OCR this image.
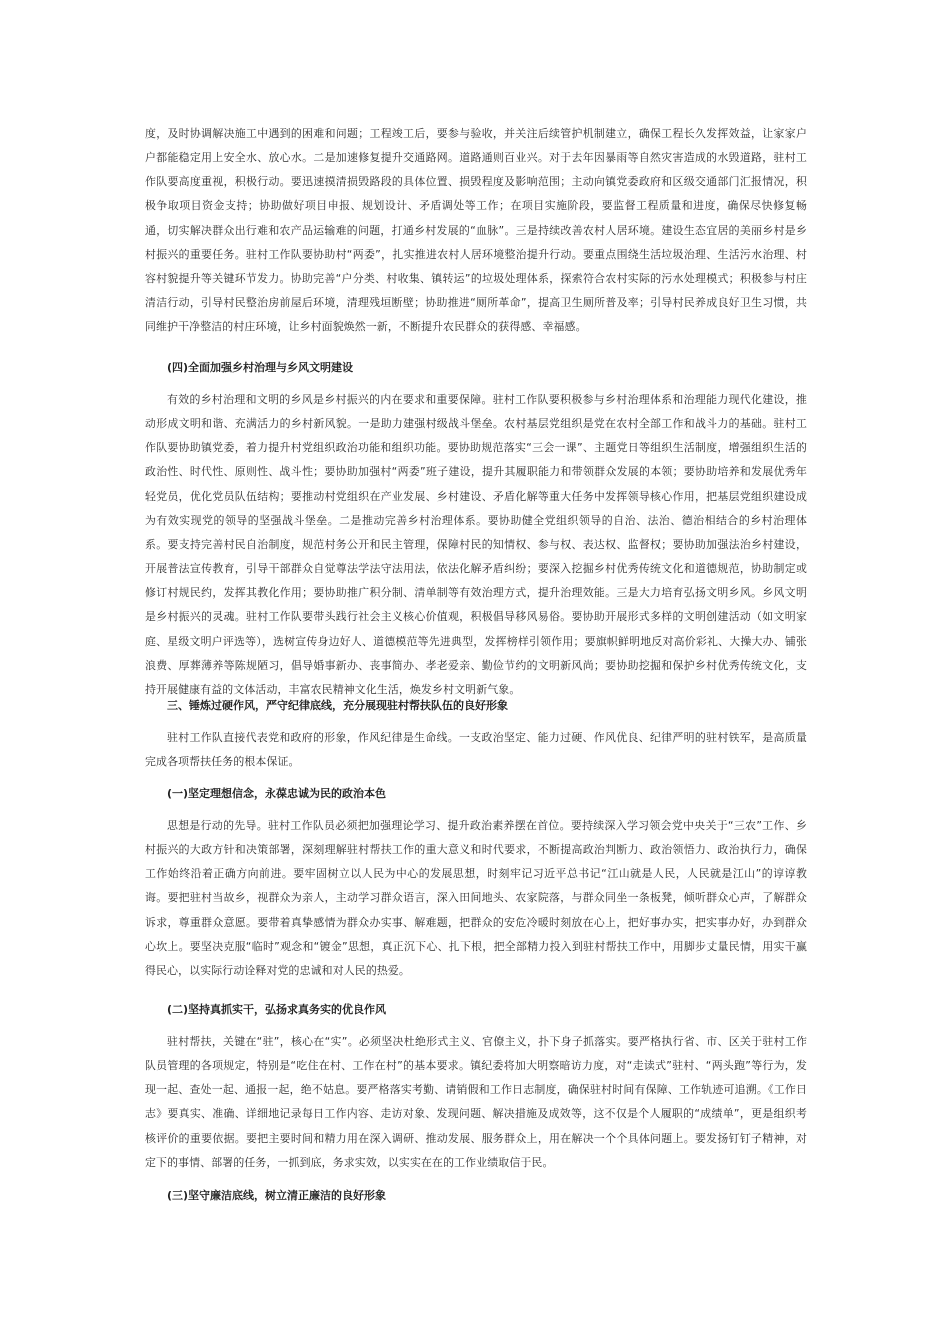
度，及时协调解决施工中遇到的困难和问题；工程竣工后，要参与验收，并关注后续管护机制建立，确保工程长久发挥效益，让家家户户都能稳定用上安全水、放心水。二是加速修复提升交通路网。道路通则百业兴。对于去年因暴雨等自然灾害造成的水毁道路，驻村工作队要高度重视，积极行动。要迅速摸清损毁路段的具体位置、损毁程度及影响范围；主动向镇党委政府和区级交通部门汇报情况，积极争取项目资金支持；协助做好项目申报、规划设计、矛盾调处等工作；在项目实施阶段，要监督工程质量和进度，确保尽快修复畅通，切实解决群众出行难和农产品运输难的问题，打通乡村发展的“血脉”。三是持续改善农村人居环境。建设生态宜居的美丽乡村是乡村振兴的重要任务。驻村工作队要协助村“两委”，扎实推进农村人居环境整治提升行动。要重点围绕生活垃圾治理、生活污水治理、村容村貌提升等关键环节发力。协助完善“户分类、村收集、镇转运”的垃圾处理体系，探索符合农村实际的污水处理模式；积极参与村庄清洁行动，引导村民整治房前屋后环境，清理残垣断壁；协助推进“厕所革命”，提高卫生厕所普及率；引导村民养成良好卫生习惯，共同维护干净整洁的村庄环境，让乡村面貌焕然一新，不断提升农民群众的获得感、幸福感。

(四)全面加强乡村治理与乡风文明建设

有效的乡村治理和文明的乡风是乡村振兴的内在要求和重要保障。驻村工作队要积极参与乡村治理体系和治理能力现代化建设，推动形成文明和谐、充满活力的乡村新风貌。一是助力建强村级战斗堡垒。农村基层党组织是党在农村全部工作和战斗力的基础。驻村工作队要协助镇党委，着力提升村党组织政治功能和组织功能。要协助规范落实“三会一课”、主题党日等组织生活制度，增强组织生活的政治性、时代性、原则性、战斗性；要协助加强村“两委”班子建设，提升其履职能力和带领群众发展的本领；要协助培养和发展优秀年轻党员，优化党员队伍结构；要推动村党组织在产业发展、乡村建设、矛盾化解等重大任务中发挥领导核心作用，把基层党组织建设成为有效实现党的领导的坚强战斗堡垒。二是推动完善乡村治理体系。要协助健全党组织领导的自治、法治、德治相结合的乡村治理体系。要支持完善村民自治制度，规范村务公开和民主管理，保障村民的知情权、参与权、表达权、监督权；要协助加强法治乡村建设，开展普法宣传教育，引导干部群众自觉尊法学法守法用法，依法化解矛盾纠纷；要深入挖掘乡村优秀传统文化和道德规范，协助制定或修订村规民约，发挥其教化作用；要协助推广积分制、清单制等有效治理方式，提升治理效能。三是大力培育弘扬文明乡风。乡风文明是乡村振兴的灵魂。驻村工作队要带头践行社会主义核心价值观，积极倡导移风易俗。要协助开展形式多样的文明创建活动（如文明家庭、星级文明户评选等），选树宣传身边好人、道德模范等先进典型，发挥榜样引领作用；要旗帜鲜明地反对高价彩礼、大操大办、铺张浪费、厚葬薄养等陈规陋习，倡导婚事新办、丧事简办、孝老爱亲、勤俭节约的文明新风尚；要协助挖掘和保护乡村优秀传统文化，支持开展健康有益的文体活动，丰富农民精神文化生活，焕发乡村文明新气象。

三、锤炼过硬作风，严守纪律底线，充分展现驻村帮扶队伍的良好形象

驻村工作队直接代表党和政府的形象，作风纪律是生命线。一支政治坚定、能力过硬、作风优良、纪律严明的驻村铁军，是高质量完成各项帮扶任务的根本保证。

(一)坚定理想信念，永葆忠诚为民的政治本色

思想是行动的先导。驻村工作队员必须把加强理论学习、提升政治素养摆在首位。要持续深入学习领会党中央关于“三农”工作、乡村振兴的大政方针和决策部署，深刻理解驻村帮扶工作的重大意义和时代要求，不断提高政治判断力、政治领悟力、政治执行力，确保工作始终沿着正确方向前进。要牢固树立以人民为中心的发展思想，时刻牢记习近平总书记“江山就是人民，人民就是江山”的谆谆教诲。要把驻村当故乡，视群众为亲人，主动学习群众语言，深入田间地头、农家院落，与群众同坐一条板凳，倾听群众心声，了解群众诉求，尊重群众意愿。要带着真挚感情为群众办实事、解难题，把群众的安危冷暖时刻放在心上，把好事办实，把实事办好，办到群众心坎上。要坚决克服“临时”观念和“镀金”思想，真正沉下心、扎下根，把全部精力投入到驻村帮扶工作中，用脚步丈量民情，用实干赢得民心，以实际行动诠释对党的忠诚和对人民的热爱。

(二)坚持真抓实干，弘扬求真务实的优良作风

驻村帮扶，关键在“驻”，核心在“实”。必须坚决杜绝形式主义、官僚主义，扑下身子抓落实。要严格执行省、市、区关于驻村工作队员管理的各项规定，特别是“吃住在村、工作在村”的基本要求。镇纪委将加大明察暗访力度，对“走读式”驻村、“两头跑”等行为，发现一起、查处一起、通报一起，绝不姑息。要严格落实考勤、请销假和工作日志制度，确保驻村时间有保障、工作轨迹可追溯。《工作日志》要真实、准确、详细地记录每日工作内容、走访对象、发现问题、解决措施及成效等，这不仅是个人履职的“成绩单”，更是组织考核评价的重要依据。要把主要时间和精力用在深入调研、推动发展、服务群众上，用在解决一个个具体问题上。要发扬钉钉子精神，对定下的事情、部署的任务，一抓到底，务求实效，以实实在在的工作业绩取信于民。

(三)坚守廉洁底线，树立清正廉洁的良好形象
